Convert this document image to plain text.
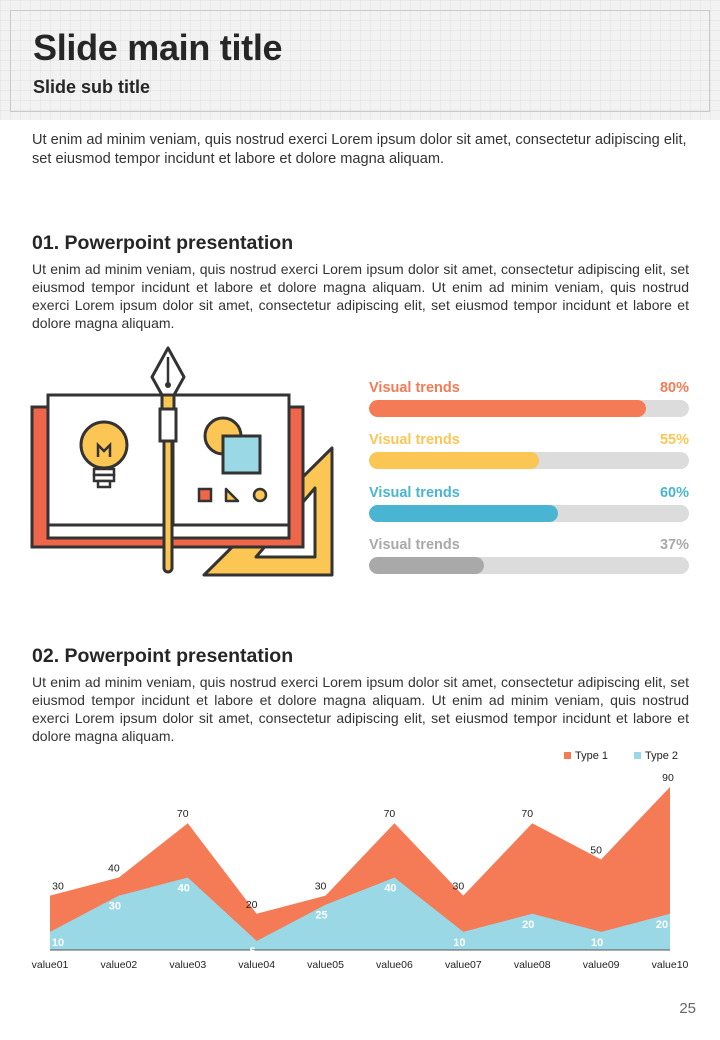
Slide main title
Slide sub title

Ut enim ad minim veniam, quis nostrud exerci Lorem ipsum dolor sit amet, consectetur adipiscing elit, set eiusmod tempor incidunt et labore et dolore magna aliquam.

01. Powerpoint presentation

Ut enim ad minim veniam, quis nostrud exerci Lorem ipsum dolor sit amet, consectetur adipiscing elit, set eiusmod tempor incidunt et labore et dolore magna aliquam. Ut enim ad minim veniam, quis nostrud exerci Lorem ipsum dolor sit amet, consectetur adipiscing elit, set eiusmod tempor incidunt et labore et dolore magna aliquam.

Visual trends	80%
Visual trends	55%
Visual trends	60%
Visual trends	37%
02. Powerpoint presentation

Ut enim ad minim veniam, quis nostrud exerci Lorem ipsum dolor sit amet, consectetur adipiscing elit, set eiusmod tempor incidunt et labore et dolore magna aliquam. Ut enim ad minim veniam, quis nostrud exerci Lorem ipsum dolor sit amet, consectetur adipiscing elit, set eiusmod tempor incidunt et labore et dolore magna aliquam.

30
40
70
20
30
70
30
70
50
90
10
30
40
5
25
40
10
20
10
20
value01	value02	value03	value04	value05	value06	value07	value08	value09	value10
Type 1	Type 2
25
